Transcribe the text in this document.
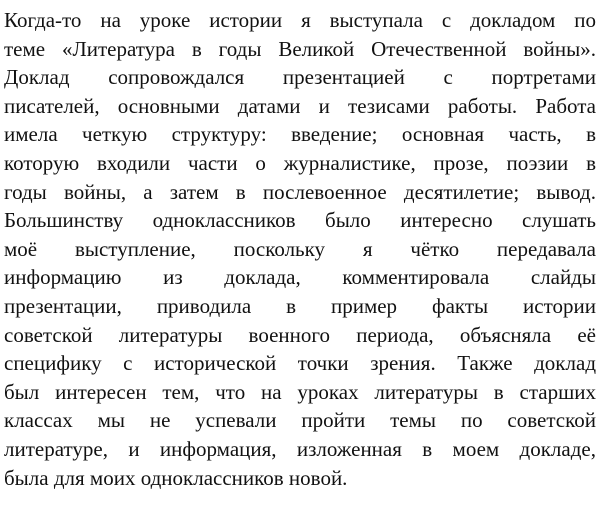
Когда-то на уроке истории я выступала с докладом по
теме «Литература в годы Великой Отечественной войны».
Доклад сопровождался презентацией с портретами
писателей, основными датами и тезисами работы. Работа
имела четкую структуру: введение; основная часть, в
которую входили части о журналистике, прозе, поэзии в
годы войны, а затем в послевоенное десятилетие; вывод.
Большинству одноклассников было интересно слушать
моё выступление, поскольку я чётко передавала
информацию из доклада, комментировала слайды
презентации, приводила в пример факты истории
советской литературы военного периода, объясняла её
специфику с исторической точки зрения. Также доклад
был интересен тем, что на уроках литературы в старших
классах мы не успевали пройти темы по советской
литературе, и информация, изложенная в моем докладе,
была для моих одноклассников новой.
